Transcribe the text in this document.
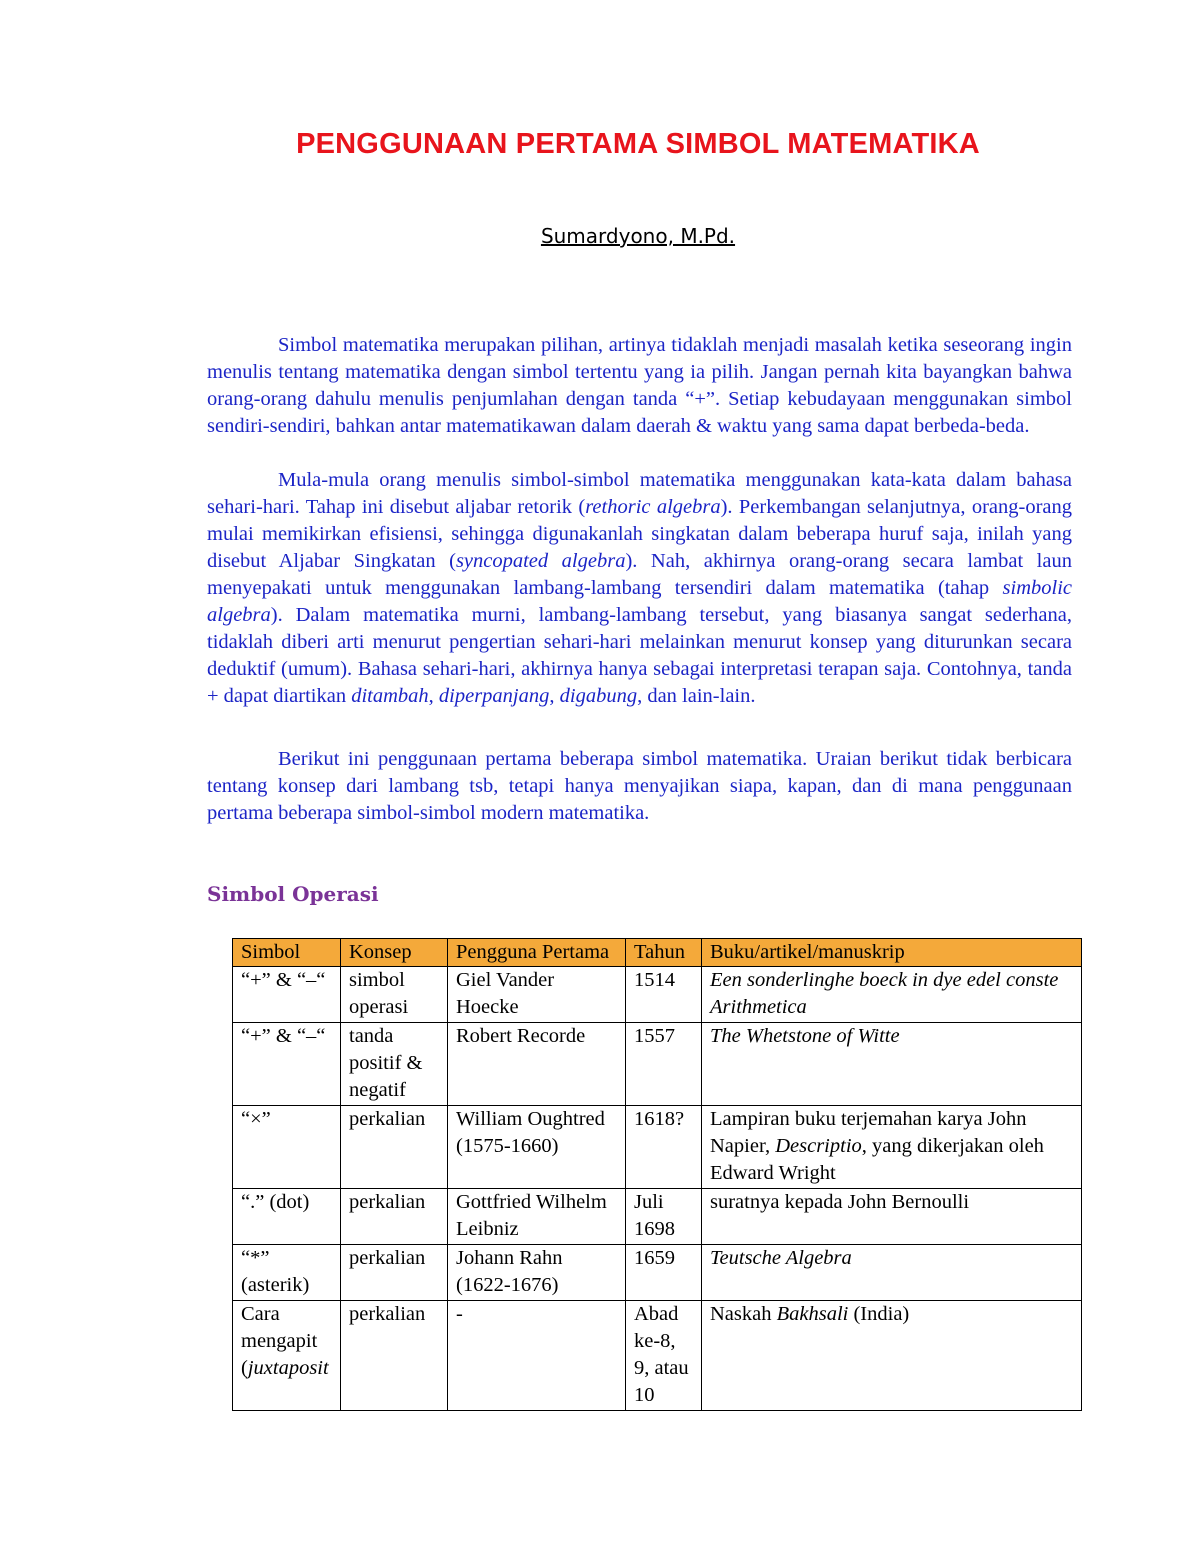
PENGGUNAAN PERTAMA SIMBOL MATEMATIKA

Sumardyono, M.Pd.

Simbol matematika merupakan pilihan, artinya tidaklah menjadi masalah ketika seseorang ingin menulis tentang matematika dengan simbol tertentu yang ia pilih. Jangan pernah kita bayangkan bahwa orang-orang dahulu menulis penjumlahan dengan tanda “+”. Setiap kebudayaan menggunakan simbol sendiri-sendiri, bahkan antar matematikawan dalam daerah & waktu yang sama dapat berbeda-beda.

Mula-mula orang menulis simbol-simbol matematika menggunakan kata-kata dalam bahasa sehari-hari. Tahap ini disebut aljabar retorik (rethoric algebra). Perkembangan selanjutnya, orang-orang mulai memikirkan efisiensi, sehingga digunakanlah singkatan dalam beberapa huruf saja, inilah yang disebut Aljabar Singkatan (syncopated algebra). Nah, akhirnya orang-orang secara lambat laun menyepakati untuk menggunakan lambang-lambang tersendiri dalam matematika (tahap simbolic algebra). Dalam matematika murni, lambang-lambang tersebut, yang biasanya sangat sederhana, tidaklah diberi arti menurut pengertian sehari-hari melainkan menurut konsep yang diturunkan secara deduktif (umum). Bahasa sehari-hari, akhirnya hanya sebagai interpretasi terapan saja. Contohnya, tanda + dapat diartikan ditambah, diperpanjang, digabung, dan lain-lain.

Berikut ini penggunaan pertama beberapa simbol matematika. Uraian berikut tidak berbicara tentang konsep dari lambang tsb, tetapi hanya menyajikan siapa, kapan, dan di mana penggunaan pertama beberapa simbol-simbol modern matematika.

Simbol Operasi
Simbol	Konsep	Pengguna Pertama	Tahun	Buku/artikel/manuskrip
“+” & “–“	simbol operasi	Giel Vander Hoecke	1514	Een sonderlinghe boeck in dye edel conste Arithmetica
“+” & “–“	tanda positif & negatif	Robert Recorde	1557	The Whetstone of Witte
“×”	perkalian	William Oughtred (1575-1660)	1618?	Lampiran buku terjemahan karya John Napier, Descriptio, yang dikerjakan oleh Edward Wright
“.” (dot)	perkalian	Gottfried Wilhelm Leibniz	Juli 1698	suratnya kepada John Bernoulli
“*” (asterik)	perkalian	Johann Rahn (1622-1676)	1659	Teutsche Algebra
Cara mengapit (juxtaposit	perkalian	-	Abad ke-8, 9, atau 10	Naskah Bakhsali (India)
